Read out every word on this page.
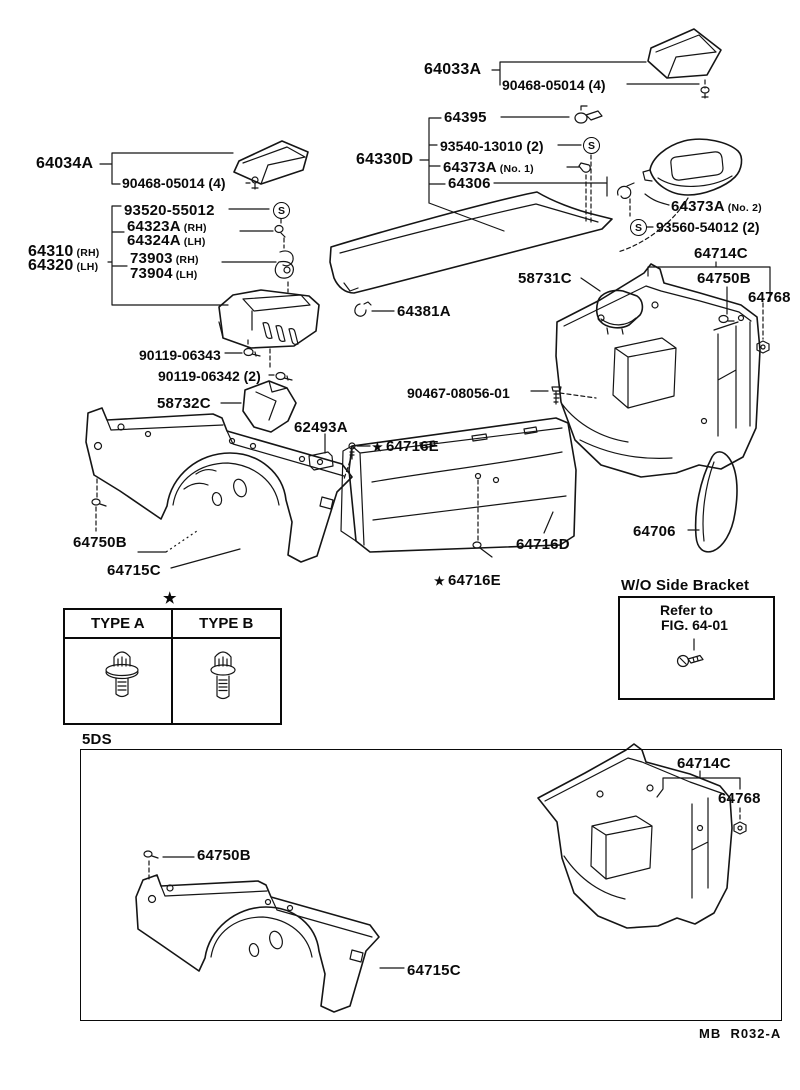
64033A
90468-05014 (4)
64034A
90468-05014 (4)
64395
64330D
93540-13010 (2)
64373A (No. 1)
64306
64373A (No. 2)
93560-54012 (2)
93520-55012
64323A (RH)
64324A (LH)
64310 (RH)
64320 (LH) 73903 (RH)
73904 (LH)	58731C
64714C
64750B
64768
64381A
90119-06343
90119-06342 (2)
90467-08056-01
58732C
62493A
★ 64716E
64750B
64715C
64716D
★ 64716E
64706
S
S
S
W/O Side Bracket
Refer to
FIG. 64-01
★
TYPE A	TYPE B
5DS
64714C
64768
64750B
64715C
MB  R032-A
